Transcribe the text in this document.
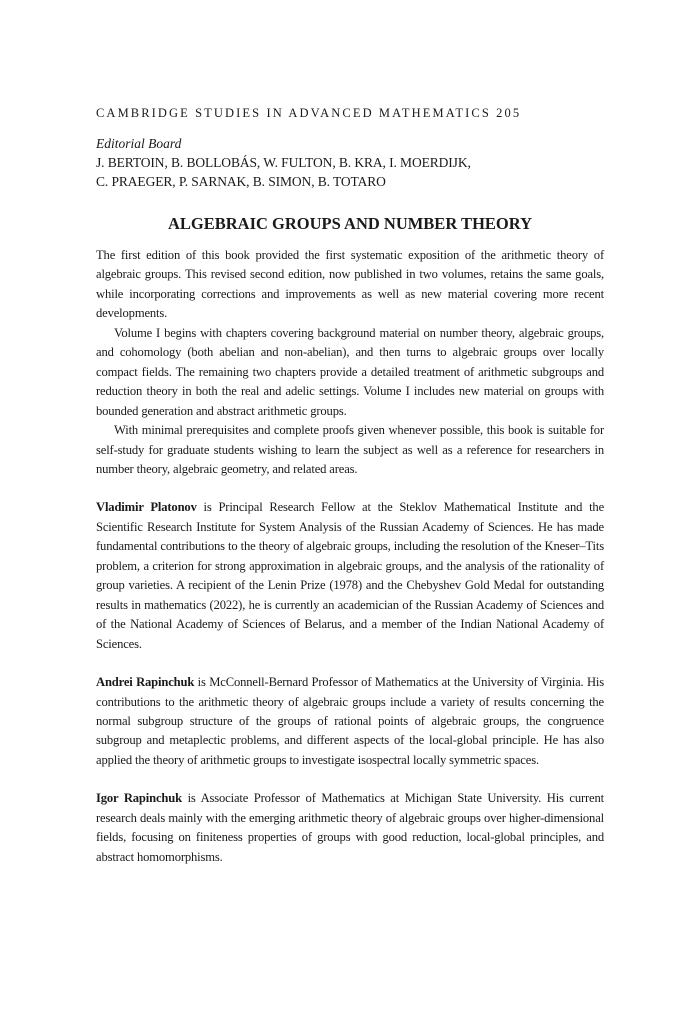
CAMBRIDGE STUDIES IN ADVANCED MATHEMATICS 205
Editorial Board
J. BERTOIN, B. BOLLOBÁS, W. FULTON, B. KRA, I. MOERDIJK,
C. PRAEGER, P. SARNAK, B. SIMON, B. TOTARO
ALGEBRAIC GROUPS AND NUMBER THEORY

The first edition of this book provided the first systematic exposition of the arithmetic theory of algebraic groups. This revised second edition, now published in two volumes, retains the same goals, while incorporating corrections and improvements as well as new material covering more recent developments.

Volume I begins with chapters covering background material on number theory, algebraic groups, and cohomology (both abelian and non-abelian), and then turns to algebraic groups over locally compact fields. The remaining two chapters provide a detailed treatment of arithmetic subgroups and reduction theory in both the real and adelic settings. Volume I includes new material on groups with bounded generation and abstract arithmetic groups.

With minimal prerequisites and complete proofs given whenever possible, this book is suitable for self-study for graduate students wishing to learn the subject as well as a reference for researchers in number theory, algebraic geometry, and related areas.

Vladimir Platonov is Principal Research Fellow at the Steklov Mathematical Institute and the Scientific Research Institute for System Analysis of the Russian Academy of Sciences. He has made fundamental contributions to the theory of algebraic groups, including the resolution of the Kneser–Tits problem, a criterion for strong approximation in algebraic groups, and the analysis of the rationality of group varieties. A recipient of the Lenin Prize (1978) and the Chebyshev Gold Medal for outstanding results in mathematics (2022), he is currently an academician of the Russian Academy of Sciences and of the National Academy of Sciences of Belarus, and a member of the Indian National Academy of Sciences.

Andrei Rapinchuk is McConnell-Bernard Professor of Mathematics at the University of Virginia. His contributions to the arithmetic theory of algebraic groups include a variety of results concerning the normal subgroup structure of the groups of rational points of algebraic groups, the congruence subgroup and metaplectic problems, and different aspects of the local-global principle. He has also applied the theory of arithmetic groups to investigate isospectral locally symmetric spaces.

Igor Rapinchuk is Associate Professor of Mathematics at Michigan State University. His current research deals mainly with the emerging arithmetic theory of algebraic groups over higher-dimensional fields, focusing on finiteness properties of groups with good reduction, local-global principles, and abstract homomorphisms.
